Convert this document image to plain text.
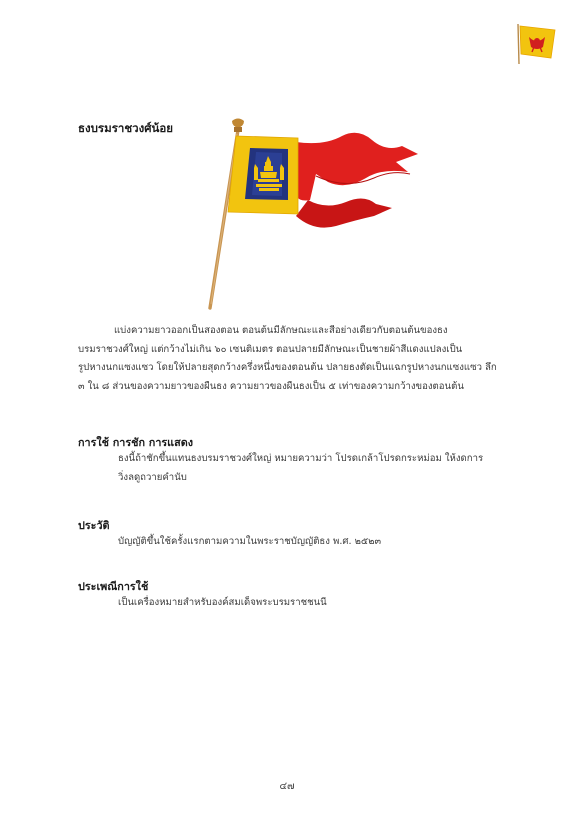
ธงบรมราชวงศ์น้อย
แบ่งความยาวออกเป็นสองตอน ตอนต้นมีลักษณะและสีอย่างเดียวกับตอนต้นของธง
บรมราชวงศ์ใหญ่ แต่กว้างไม่เกิน ๖๐ เซนติเมตร ตอนปลายมีลักษณะเป็นชายผ้าสีแดงแปลงเป็น
รูปหางนกแซงแซว โดยให้ปลายสุดกว้างครึ่งหนึ่งของตอนต้น ปลายธงตัดเป็นแฉกรูปหางนกแซงแซว ลึก
๓ ใน ๘ ส่วนของความยาวของผืนธง ความยาวของผืนธงเป็น ๕ เท่าของความกว้างของตอนต้น
การใช้ การชัก การแสดง
ธงนี้ถ้าชักขึ้นแทนธงบรมราชวงศ์ใหญ่ หมายความว่า โปรดเกล้าโปรดกระหม่อม ให้งดการ
วิ่งลดูถวายคำนับ
ประวัติ
บัญญัติขึ้นใช้ครั้งแรกตามความในพระราชบัญญัติธง พ.ศ. ๒๕๒๓
ประเพณีการใช้
เป็นเครื่องหมายสำหรับองค์สมเด็จพระบรมราชชนนี
๔๗
